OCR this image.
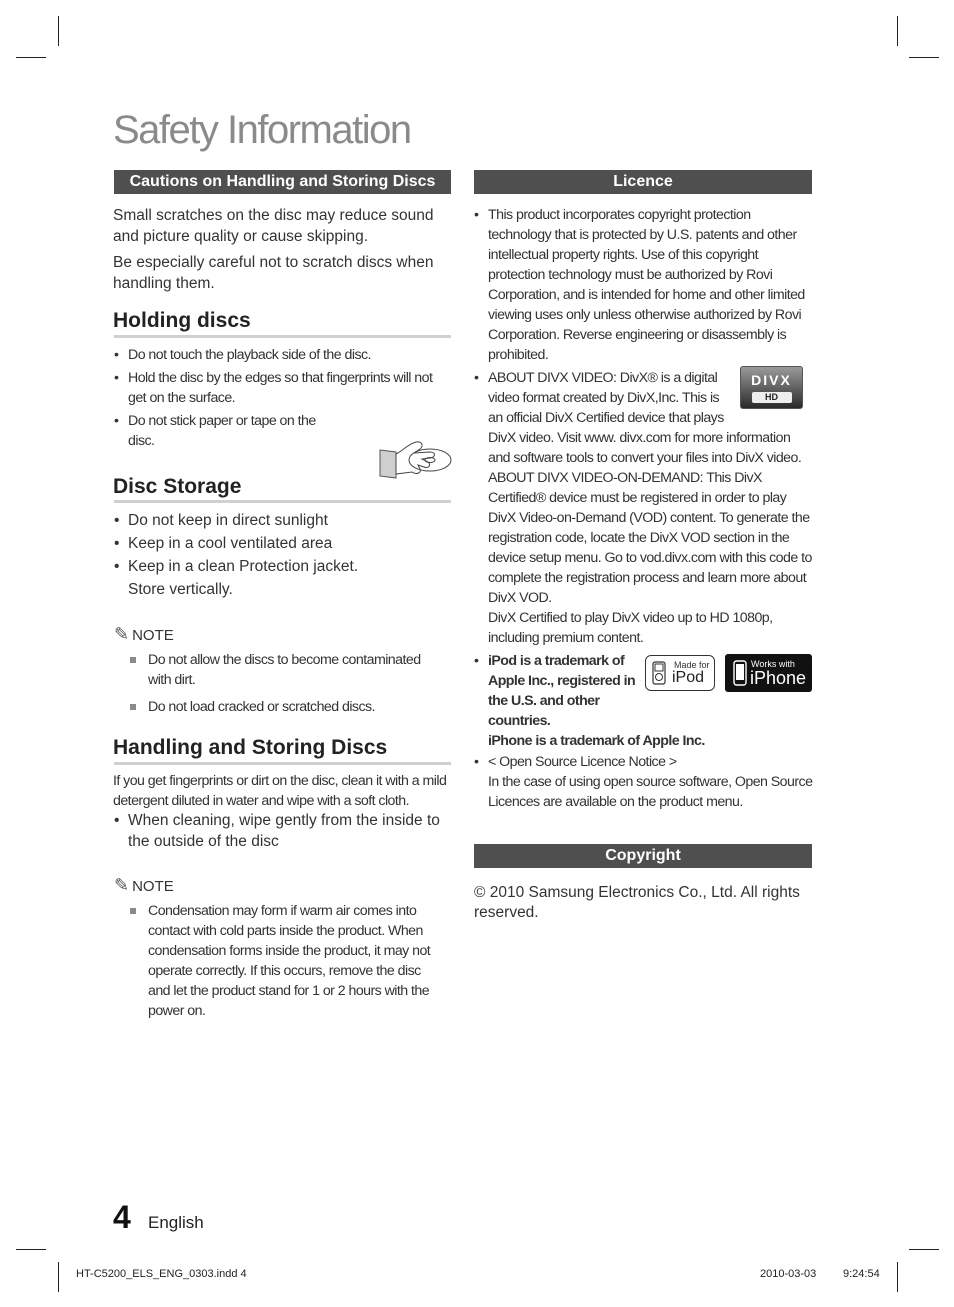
Safety Information
Cautions on Handling and Storing Discs

Small scratches on the disc may reduce sound and picture quality or cause skipping.

Be especially careful not to scratch discs when handling them.

Holding discs
• Do not touch the playback side of the disc.
• Hold the disc by the edges so that fingerprints will not get on the surface.
• Do not stick paper or tape on the disc.
Disc Storage
• Do not keep in direct sunlight
• Keep in a cool ventilated area
• Keep in a clean Protection jacket. Store vertically.
✎ NOTE
Do not allow the discs to become contaminated with dirt.
Do not load cracked or scratched discs.
Handling and Storing Discs

If you get fingerprints or dirt on the disc, clean it with a mild detergent diluted in water and wipe with a soft cloth.

• When cleaning, wipe gently from the inside to the outside of the disc
✎ NOTE
Condensation may form if warm air comes into contact with cold parts inside the product. When condensation forms inside the product, it may not operate correctly. If this occurs, remove the disc and let the product stand for 1 or 2 hours with the power on.
Licence
• This product incorporates copyright protection technology that is protected by U.S. patents and other intellectual property rights. Use of this copyright protection technology must be authorized by Rovi Corporation, and is intended for home and other limited viewing uses only unless otherwise authorized by Rovi Corporation. Reverse engineering or disassembly is prohibited.
• ABOUT DIVX VIDEO: DivX® is a digital video format created by DivX,Inc. This is an official DivX Certified device that plays DivX video. Visit www. divx.com for more information and software tools to convert your files into DivX video. ABOUT DIVX VIDEO-ON-DEMAND: This DivX Certified® device must be registered in order to play DivX Video-on-Demand (VOD) content. To generate the registration code, locate the DivX VOD section in the device setup menu. Go to vod.divx.com with this code to complete the registration process and learn more about DivX VOD.
DivX Certified to play DivX video up to HD 1080p, including premium content.
DIVX
HD
• iPod is a trademark of Apple Inc., registered in the U.S. and other countries.
iPhone is a trademark of Apple Inc.
Made for
iPod
Works with
iPhone
• < Open Source Licence Notice >
In the case of using open source software, Open Source Licences are available on the product menu.
Copyright

© 2010 Samsung Electronics Co., Ltd. All rights reserved.

4 English
HT-C5200_ELS_ENG_0303.indd 4	2010-03-03 9:24:54
